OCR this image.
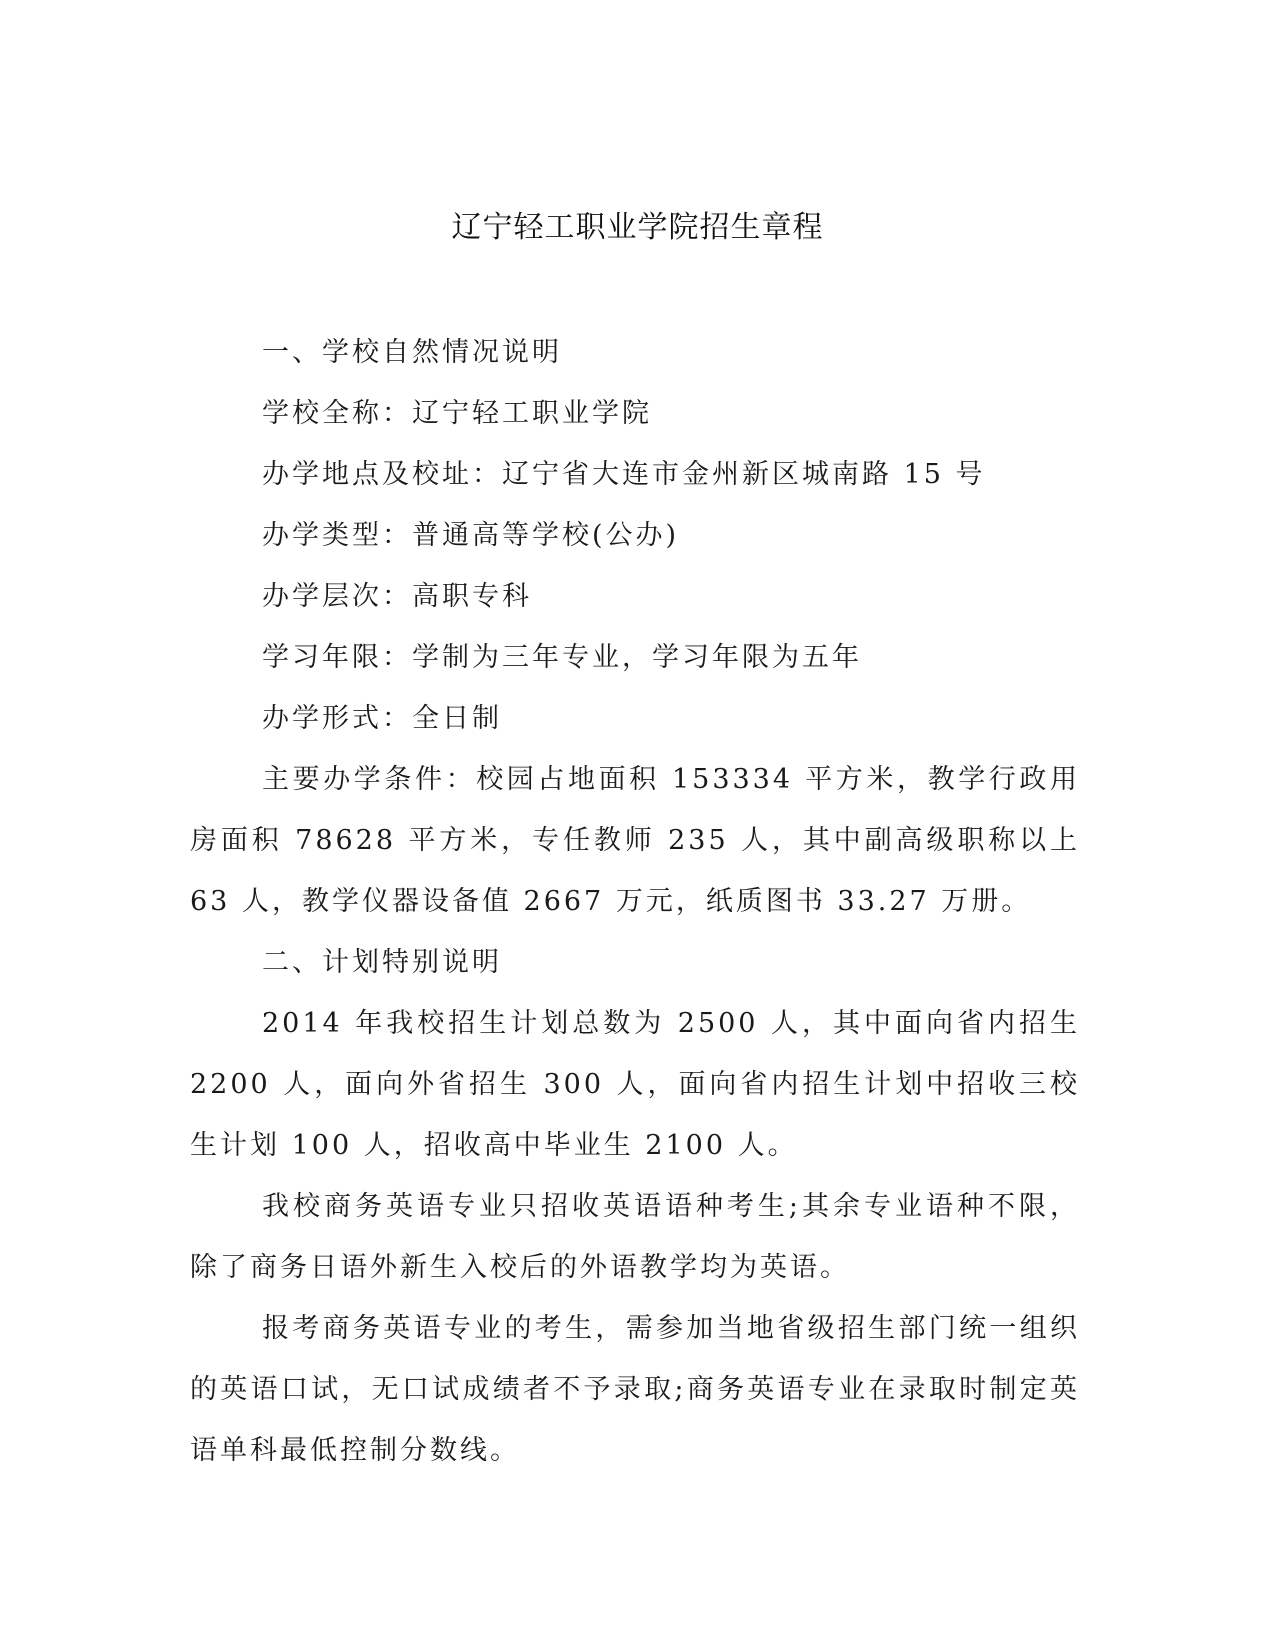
辽宁轻工职业学院招生章程

一、学校自然情况说明

学校全称：辽宁轻工职业学院

办学地点及校址：辽宁省大连市金州新区城南路 15 号

办学类型：普通高等学校(公办)

办学层次：高职专科

学习年限：学制为三年专业，学习年限为五年

办学形式：全日制

主要办学条件：校园占地面积 153334 平方米，教学行政用房面积 78628 平方米，专任教师 235 人，其中副高级职称以上 63 人，教学仪器设备值 2667 万元，纸质图书 33.27 万册。

二、计划特别说明

2014 年我校招生计划总数为 2500 人，其中面向省内招生 2200 人，面向外省招生 300 人，面向省内招生计划中招收三校生计划 100 人，招收高中毕业生 2100 人。

我校商务英语专业只招收英语语种考生;其余专业语种不限，除了商务日语外新生入校后的外语教学均为英语。

报考商务英语专业的考生，需参加当地省级招生部门统一组织的英语口试，无口试成绩者不予录取;商务英语专业在录取时制定英语单科最低控制分数线。
